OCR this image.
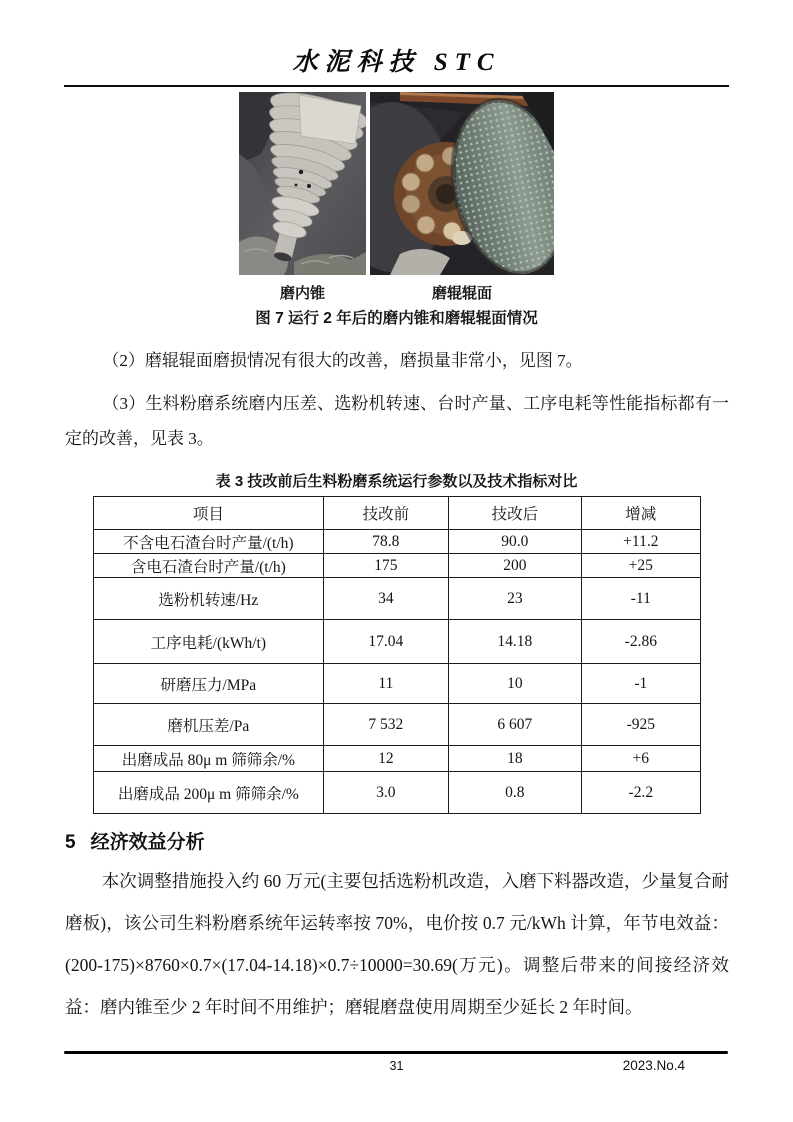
水泥科技 STC
磨内锥	磨辊辊面
图 7 运行 2 年后的磨内锥和磨辊辊面情况

（2）磨辊辊面磨损情况有很大的改善，磨损量非常小，见图 7。

（3）生料粉磨系统磨内压差、选粉机转速、台时产量、工序电耗等性能指标都有一定的改善，见表 3。

表 3 技改前后生料粉磨系统运行参数以及技术指标对比
项目	技改前	技改后	增减
不含电石渣台时产量/(t/h)	78.8	90.0	+11.2
含电石渣台时产量/(t/h)	175	200	+25
选粉机转速/Hz	34	23	-11
工序电耗/(kWh/t)	17.04	14.18	-2.86
研磨压力/MPa	11	10	-1
磨机压差/Pa	7 532	6 607	-925
出磨成品 80μ m 筛筛余/%	12	18	+6
出磨成品 200μ m 筛筛余/%	3.0	0.8	-2.2
5 经济效益分析

本次调整措施投入约 60 万元(主要包括选粉机改造，入磨下料器改造，少量复合耐磨板)，该公司生料粉磨系统年运转率按 70%，电价按 0.7 元/kWh 计算，年节电效益：(200-175)×8760×0.7×(17.04-14.18)×0.7÷10000=30.69(万元)。调整后带来的间接经济效益：磨内锥至少 2 年时间不用维护；磨辊磨盘使用周期至少延长 2 年时间。

31	2023.No.4
